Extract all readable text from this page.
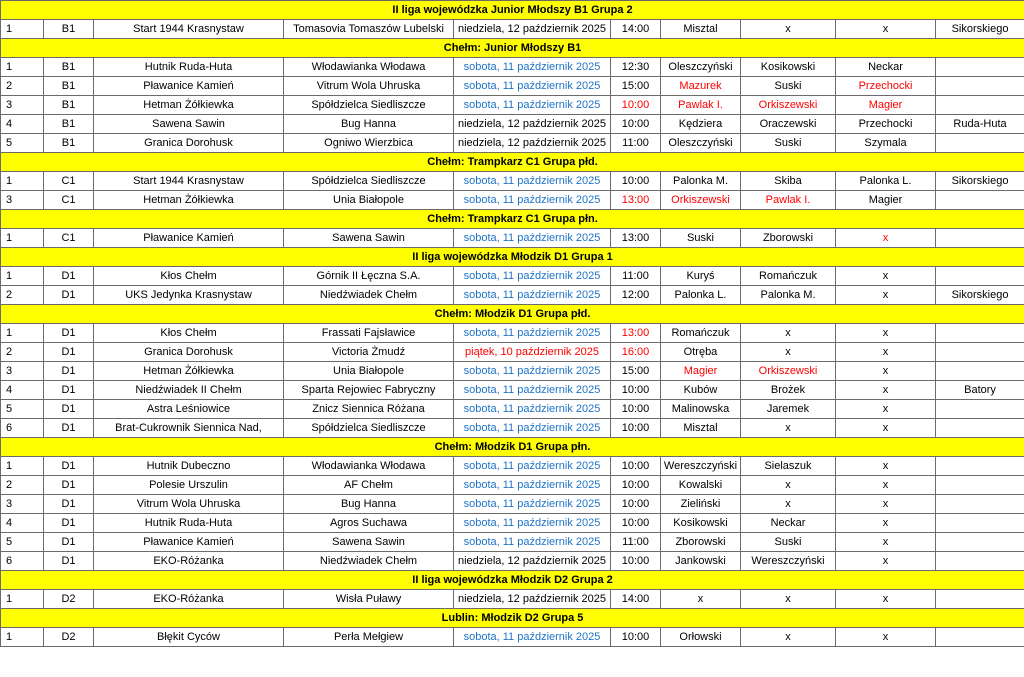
II liga wojewódzka Junior Młodszy B1 Grupa 2									
1	B1	Start 1944 Krasnystaw	Tomasovia Tomaszów Lubelski	niedziela, 12 październik 2025	14:00	Misztal	x	x	Sikorskiego
Chełm: Junior Młodszy B1									
1	B1	Hutnik Ruda-Huta	Włodawianka Włodawa	sobota, 11 październik 2025	12:30	Oleszczyński	Kosikowski	Neckar	
2	B1	Pławanice Kamień	Vitrum Wola Uhruska	sobota, 11 październik 2025	15:00	Mazurek	Suski	Przechocki	
3	B1	Hetman Żółkiewka	Spółdzielca Siedliszcze	sobota, 11 październik 2025	10:00	Pawlak I.	Orkiszewski	Magier	
4	B1	Sawena Sawin	Bug Hanna	niedziela, 12 październik 2025	10:00	Kędziera	Oraczewski	Przechocki	Ruda-Huta
5	B1	Granica Dorohusk	Ogniwo Wierzbica	niedziela, 12 październik 2025	11:00	Oleszczyński	Suski	Szymala	
Chełm: Trampkarz C1 Grupa płd.									
1	C1	Start 1944 Krasnystaw	Spółdzielca Siedliszcze	sobota, 11 październik 2025	10:00	Palonka M.	Skiba	Palonka L.	Sikorskiego
3	C1	Hetman Żółkiewka	Unia Białopole	sobota, 11 październik 2025	13:00	Orkiszewski	Pawlak I.	Magier	
Chełm: Trampkarz C1 Grupa płn.									
1	C1	Pławanice Kamień	Sawena Sawin	sobota, 11 październik 2025	13:00	Suski	Zborowski	x	
II liga wojewódzka Młodzik D1 Grupa 1									
1	D1	Kłos Chełm	Górnik II Łęczna S.A.	sobota, 11 październik 2025	11:00	Kuryś	Romańczuk	x	
2	D1	UKS Jedynka Krasnystaw	Niedźwiadek Chełm	sobota, 11 październik 2025	12:00	Palonka L.	Palonka M.	x	Sikorskiego
Chełm: Młodzik D1 Grupa płd.									
1	D1	Kłos Chełm	Frassati Fajsławice	sobota, 11 październik 2025	13:00	Romańczuk	x	x	
2	D1	Granica Dorohusk	Victoria Żmudź	piątek, 10 październik 2025	16:00	Otręba	x	x	
3	D1	Hetman Żółkiewka	Unia Białopole	sobota, 11 październik 2025	15:00	Magier	Orkiszewski	x	
4	D1	Niedźwiadek II Chełm	Sparta Rejowiec Fabryczny	sobota, 11 październik 2025	10:00	Kubów	Brożek	x	Batory
5	D1	Astra Leśniowice	Znicz Siennica Różana	sobota, 11 październik 2025	10:00	Malinowska	Jaremek	x	
6	D1	Brat-Cukrownik Siennica Nad,	Spółdzielca Siedliszcze	sobota, 11 październik 2025	10:00	Misztal	x	x	
Chełm: Młodzik D1 Grupa płn.									
1	D1	Hutnik Dubeczno	Włodawianka Włodawa	sobota, 11 październik 2025	10:00	Wereszczyński	Sielaszuk	x	
2	D1	Polesie Urszulin	AF Chełm	sobota, 11 październik 2025	10:00	Kowalski	x	x	
3	D1	Vitrum Wola Uhruska	Bug Hanna	sobota, 11 październik 2025	10:00	Zieliński	x	x	
4	D1	Hutnik Ruda-Huta	Agros Suchawa	sobota, 11 październik 2025	10:00	Kosikowski	Neckar	x	
5	D1	Pławanice Kamień	Sawena Sawin	sobota, 11 październik 2025	11:00	Zborowski	Suski	x	
6	D1	EKO-Różanka	Niedźwiadek Chełm	niedziela, 12 październik 2025	10:00	Jankowski	Wereszczyński	x	
II liga wojewódzka Młodzik D2 Grupa 2									
1	D2	EKO-Różanka	Wisła Puławy	niedziela, 12 październik 2025	14:00	x	x	x	
Lublin: Młodzik D2 Grupa 5									
1	D2	Błękit Cyców	Perła Mełgiew	sobota, 11 październik 2025	10:00	Orłowski	x	x	
